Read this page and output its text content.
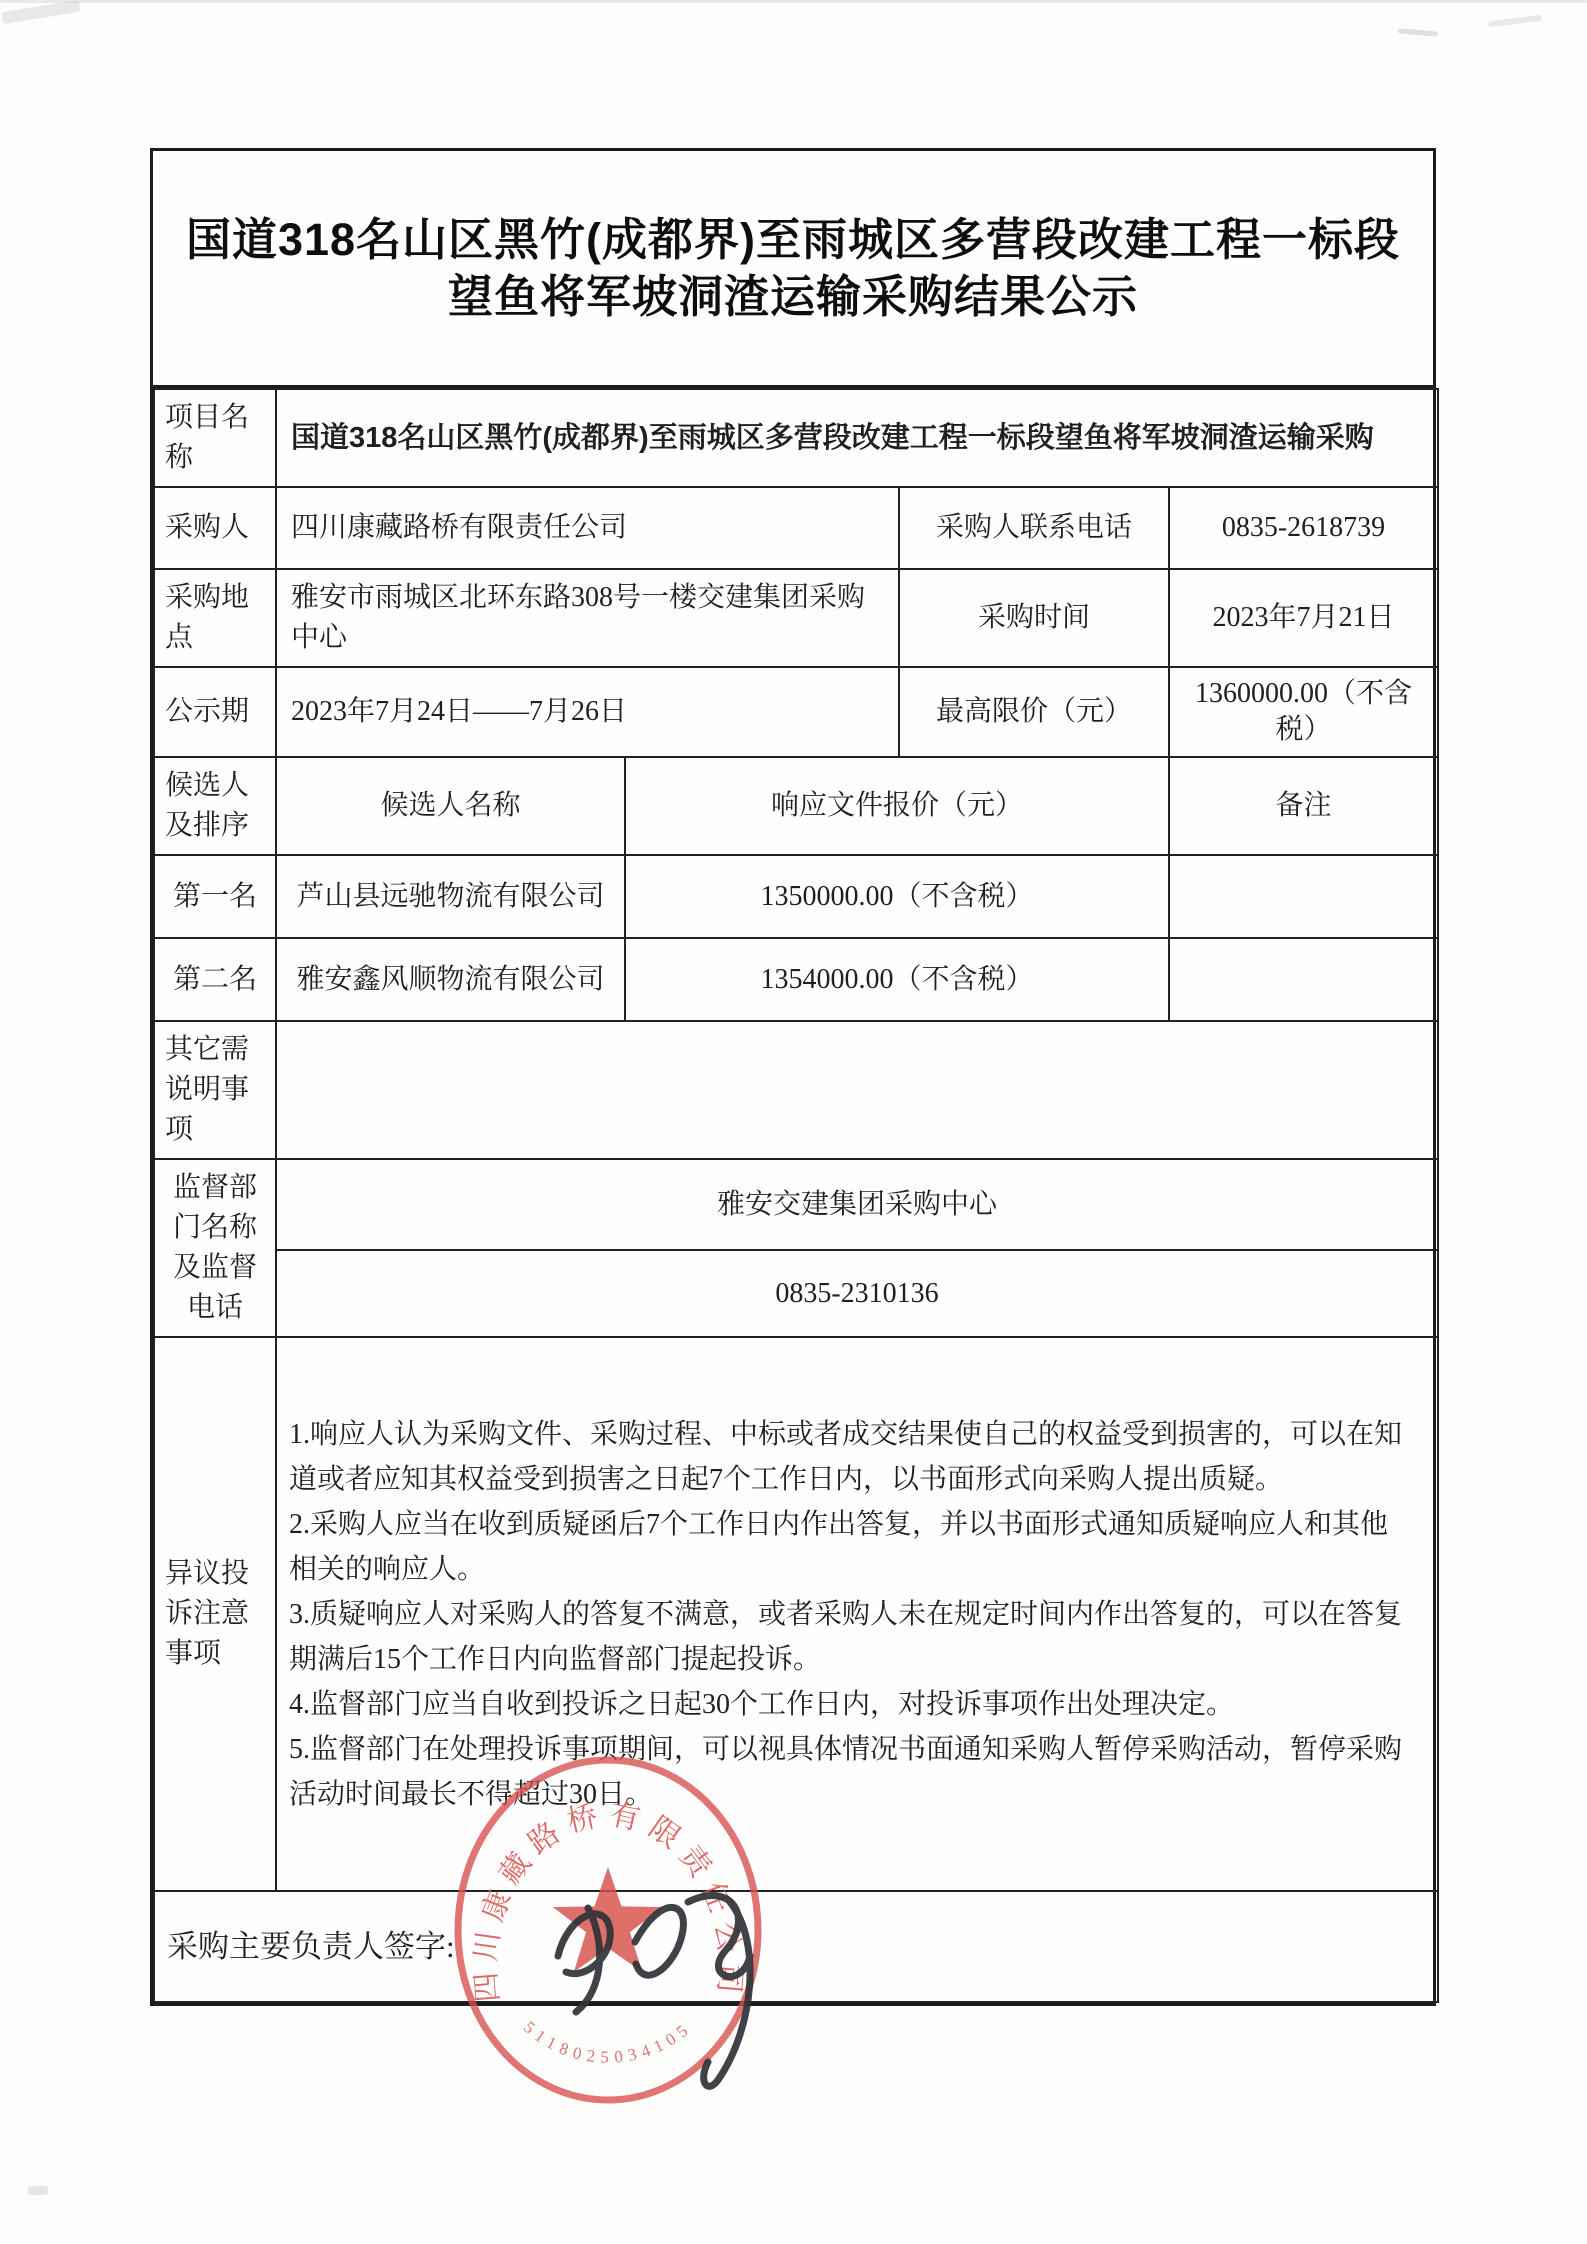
国道318名山区黑竹(成都界)至雨城区多营段改建工程一标段
望鱼将军坡洞渣运输采购结果公示
项目名称	国道318名山区黑竹(成都界)至雨城区多营段改建工程一标段望鱼将军坡洞渣运输采购			
采购人	四川康藏路桥有限责任公司		采购人联系电话	0835-2618739
采购地点	雅安市雨城区北环东路308号一楼交建集团采购中心		采购时间	2023年7月21日
公示期	2023年7月24日——7月26日		最高限价（元）	1360000.00（不含税）
候选人及排序	候选人名称	响应文件报价（元）		备注
第一名	芦山县远驰物流有限公司	1350000.00（不含税）		
第二名	雅安鑫风顺物流有限公司	1354000.00（不含税）		
其它需说明事项				
监督部门名称及监督电话	雅安交建集团采购中心			
	0835-2310136			
异议投诉注意事项	1.响应人认为采购文件、采购过程、中标或者成交结果使自己的权益受到损害的，可以在知道或者应知其权益受到损害之日起7个工作日内，以书面形式向采购人提出质疑。

2.采购人应当在收到质疑函后7个工作日内作出答复，并以书面形式通知质疑响应人和其他相关的响应人。

3.质疑响应人对采购人的答复不满意，或者采购人未在规定时间内作出答复的，可以在答复期满后15个工作日内向监督部门提起投诉。

4.监督部门应当自收到投诉之日起30个工作日内，对投诉事项作出处理决定。

5.监督部门在处理投诉事项期间，可以视具体情况书面通知采购人暂停采购活动，暂停采购活动时间最长不得超过30日。			

采购主要负责人签字:				
四川康藏路桥有限责任公司
5118025034105
